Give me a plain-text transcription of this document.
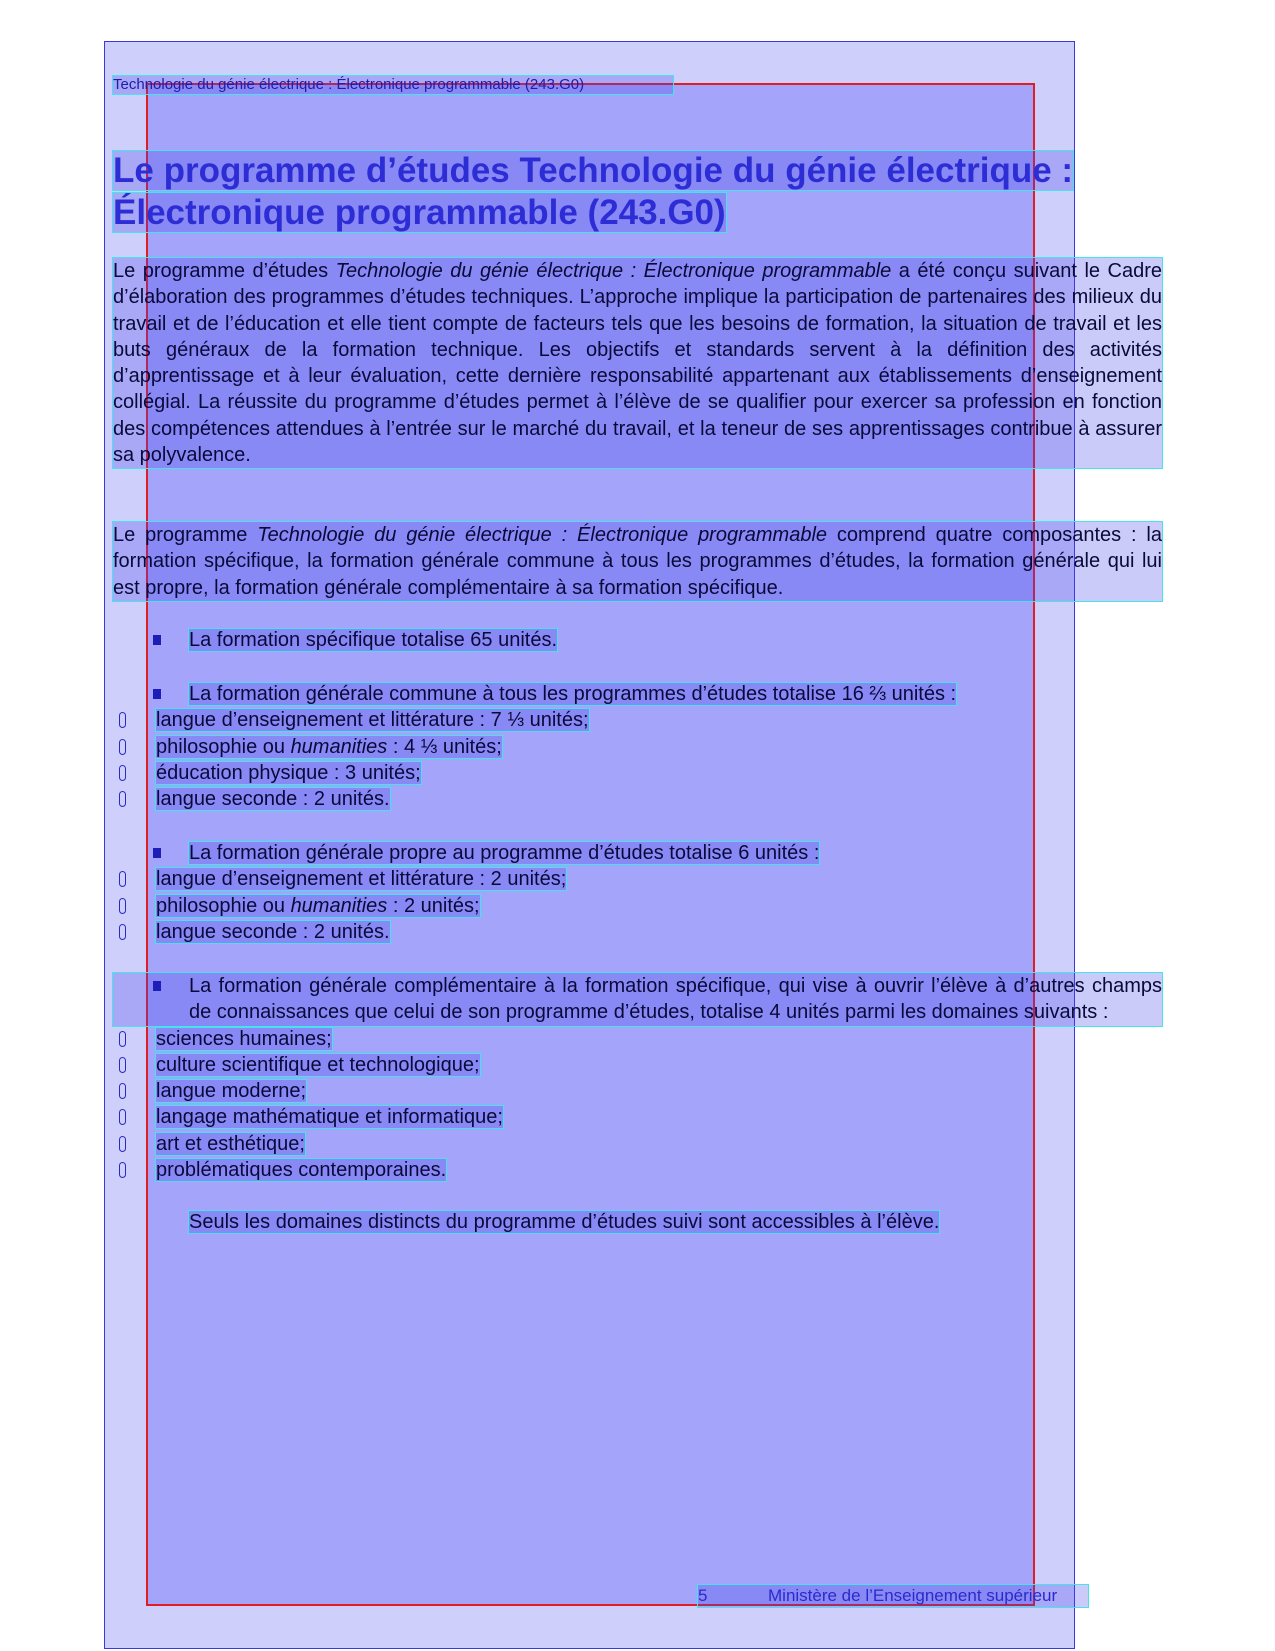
Technologie du génie électrique : Électronique programmable (243.G0)
Le programme d’études Technologie du génie électrique : Électronique programmable (243.G0)

Le programme d’études Technologie du génie électrique : Électronique programmable a été conçu suivant le Cadre d’élaboration des programmes d’études techniques. L’approche implique la participation de partenaires des milieux du travail et de l’éducation et elle tient compte de facteurs tels que les besoins de formation, la situation de travail et les buts généraux de la formation technique. Les objectifs et standards servent à la définition des activités d’apprentissage et à leur évaluation, cette dernière responsabilité appartenant aux établissements d’enseignement collégial. La réussite du programme d’études permet à l’élève de se qualifier pour exercer sa profession en fonction des compétences attendues à l’entrée sur le marché du travail, et la teneur de ses apprentissages contribue à assurer sa polyvalence.

Le programme Technologie du génie électrique : Électronique programmable comprend quatre composantes : la formation spécifique, la formation générale commune à tous les programmes d’études, la formation générale qui lui est propre, la formation générale complémentaire à sa formation spécifique.

La formation spécifique totalise 65 unités.
La formation générale commune à tous les programmes d’études totalise 16 ⅔ unités :
langue d’enseignement et littérature : 7 ⅓ unités;
philosophie ou humanities : 4 ⅓ unités;
éducation physique : 3 unités;
langue seconde : 2 unités.
La formation générale propre au programme d’études totalise 6 unités :
langue d’enseignement et littérature : 2 unités;
philosophie ou humanities : 2 unités;
langue seconde : 2 unités.
La formation générale complémentaire à la formation spécifique, qui vise à ouvrir l’élève à d’autres champs de connaissances que celui de son programme d’études, totalise 4 unités parmi les domaines suivants :
sciences humaines;
culture scientifique et technologique;
langue moderne;
langage mathématique et informatique;
art et esthétique;
problématiques contemporaines.
Seuls les domaines distincts du programme d’études suivi sont accessibles à l’élève.
5	Ministère de l’Enseignement supérieur
